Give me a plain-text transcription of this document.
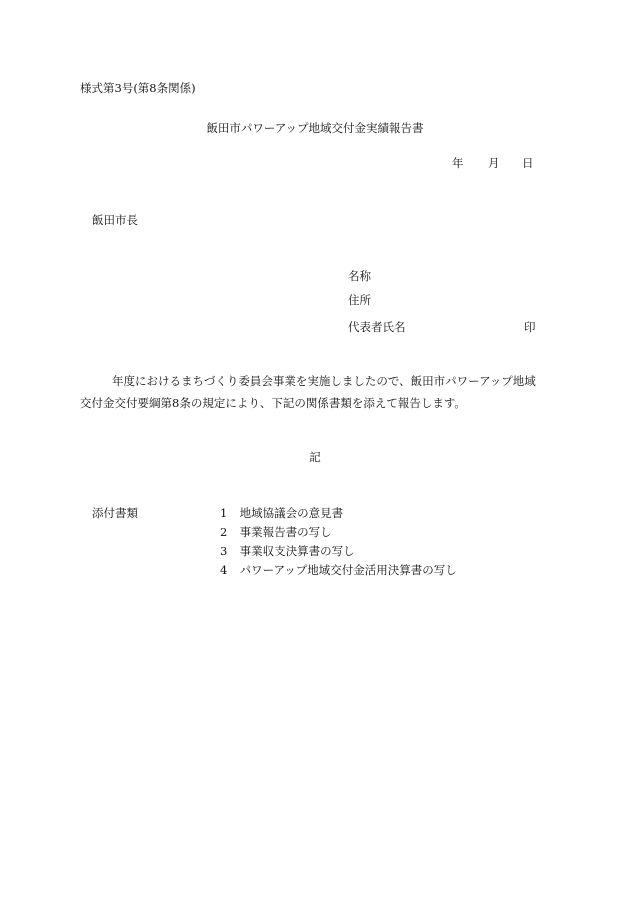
様式第3号(第8条関係)
飯田市パワーアップ地域交付金実績報告書
年 月 日
飯田市長
名称
住所
代表者氏名	印
年度におけるまちづくり委員会事業を実施しましたので、飯田市パワーアップ地域
交付金交付要綱第8条の規定により、下記の関係書類を添えて報告します。
記
添付書類	1 地域協議会の意見書
2 事業報告書の写し
3 事業収支決算書の写し
4 パワーアップ地域交付金活用決算書の写し
